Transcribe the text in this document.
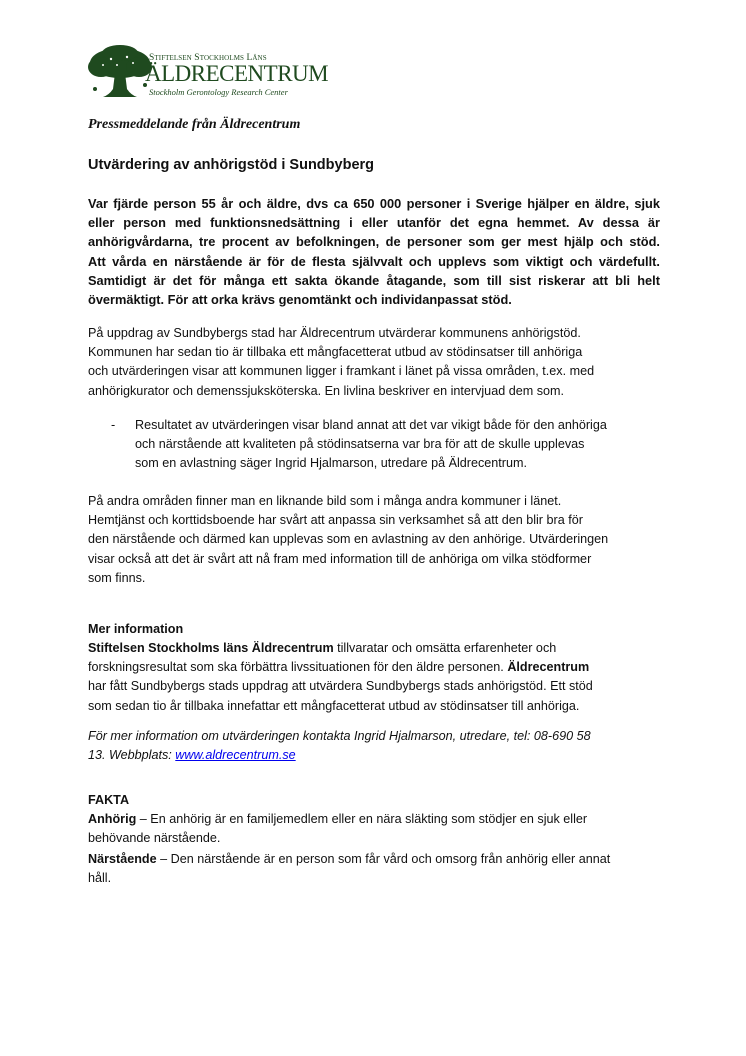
Stiftelsen Stockholms Läns
ÄLDRECENTRUM
Stockholm Gerontology Research Center
Pressmeddelande från Äldrecentrum
Utvärdering av anhörigstöd i Sundbyberg
Var fjärde person 55 år och äldre, dvs ca 650 000 personer i Sverige hjälper en äldre, sjuk
eller person med funktionsnedsättning i eller utanför det egna hemmet. Av dessa är
anhörigvårdarna, tre procent av befolkningen, de personer som ger mest hjälp och stöd.
Att vårda en närstående är för de flesta självvalt och upplevs som viktigt och värdefullt.
Samtidigt är det för många ett sakta ökande åtagande, som till sist riskerar att bli helt
övermäktigt. För att orka krävs genomtänkt och individanpassat stöd.
På uppdrag av Sundbybergs stad har Äldrecentrum utvärderar kommunens anhörigstöd.
Kommunen har sedan tio är tillbaka ett mångfacetterat utbud av stödinsatser till anhöriga
och utvärderingen visar att kommunen ligger i framkant i länet på vissa områden, t.ex. med
anhörigkurator och demenssjuksköterska. En livlina beskriver en intervjuad dem som.
- Resultatet av utvärderingen visar bland annat att det var vikigt både för den anhöriga
och närstående att kvaliteten på stödinsatserna var bra för att de skulle upplevas
som en avlastning säger Ingrid Hjalmarson, utredare på Äldrecentrum.
På andra områden finner man en liknande bild som i många andra kommuner i länet.
Hemtjänst och korttidsboende har svårt att anpassa sin verksamhet så att den blir bra för
den närstående och därmed kan upplevas som en avlastning av den anhörige. Utvärderingen
visar också att det är svårt att nå fram med information till de anhöriga om vilka stödformer
som finns.
Mer information
Stiftelsen Stockholms läns Äldrecentrum tillvaratar och omsätta erfarenheter och
forskningsresultat som ska förbättra livssituationen för den äldre personen. Äldrecentrum
har fått Sundbybergs stads uppdrag att utvärdera Sundbybergs stads anhörigstöd. Ett stöd
som sedan tio år tillbaka innefattar ett mångfacetterat utbud av stödinsatser till anhöriga.
För mer information om utvärderingen kontakta Ingrid Hjalmarson, utredare, tel: 08-690 58
13. Webbplats: www.aldrecentrum.se
FAKTA
Anhörig – En anhörig är en familjemedlem eller en nära släkting som stödjer en sjuk eller
behövande närstående.
Närstående – Den närstående är en person som får vård och omsorg från anhörig eller annat
håll.
